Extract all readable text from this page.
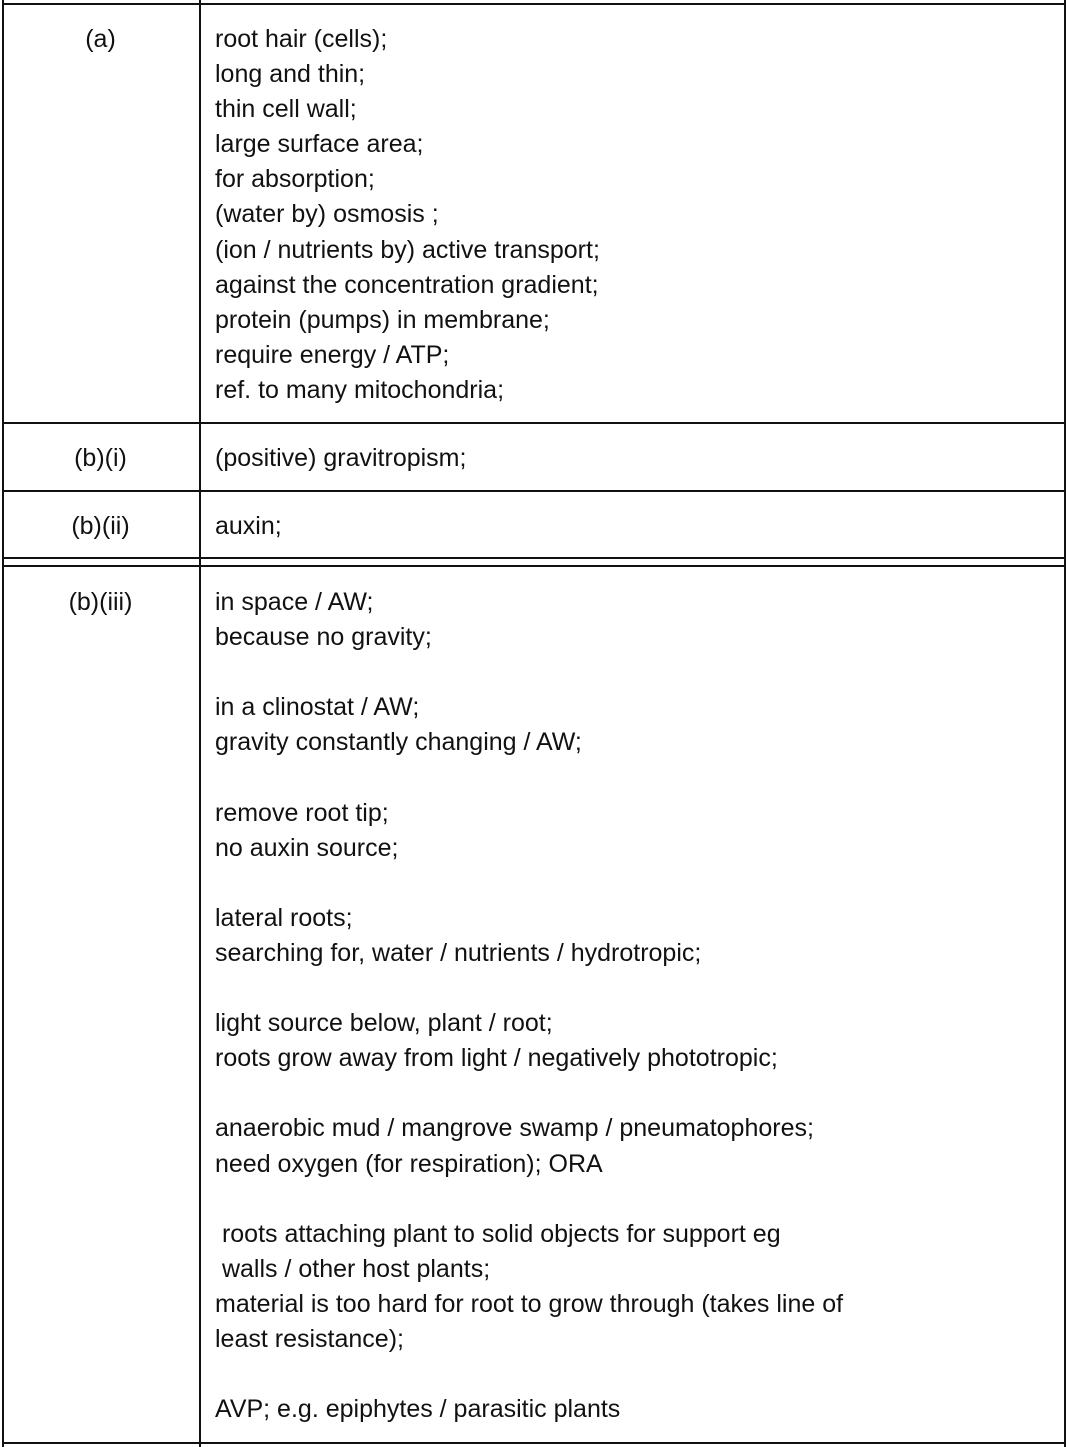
(a)	root hair (cells);
long and thin;
thin cell wall;
large surface area;
for absorption;
(water by) osmosis ;
(ion / nutrients by) active transport;
against the concentration gradient;
protein (pumps) in membrane;
require energy / ATP;
ref. to many mitochondria;
(b)(i)	(positive) gravitropism;
(b)(ii)	auxin;
(b)(iii)	in space / AW;
because no gravity;
in a clinostat / AW;
gravity constantly changing / AW;
remove root tip;
no auxin source;
lateral roots;
searching for, water / nutrients / hydrotropic;
light source below, plant / root;
roots grow away from light / negatively phototropic;
anaerobic mud / mangrove swamp / pneumatophores;
need oxygen (for respiration); ORA
roots attaching plant to solid objects for support eg
walls / other host plants;
material is too hard for root to grow through (takes line of
least resistance);
AVP; e.g. epiphytes / parasitic plants
